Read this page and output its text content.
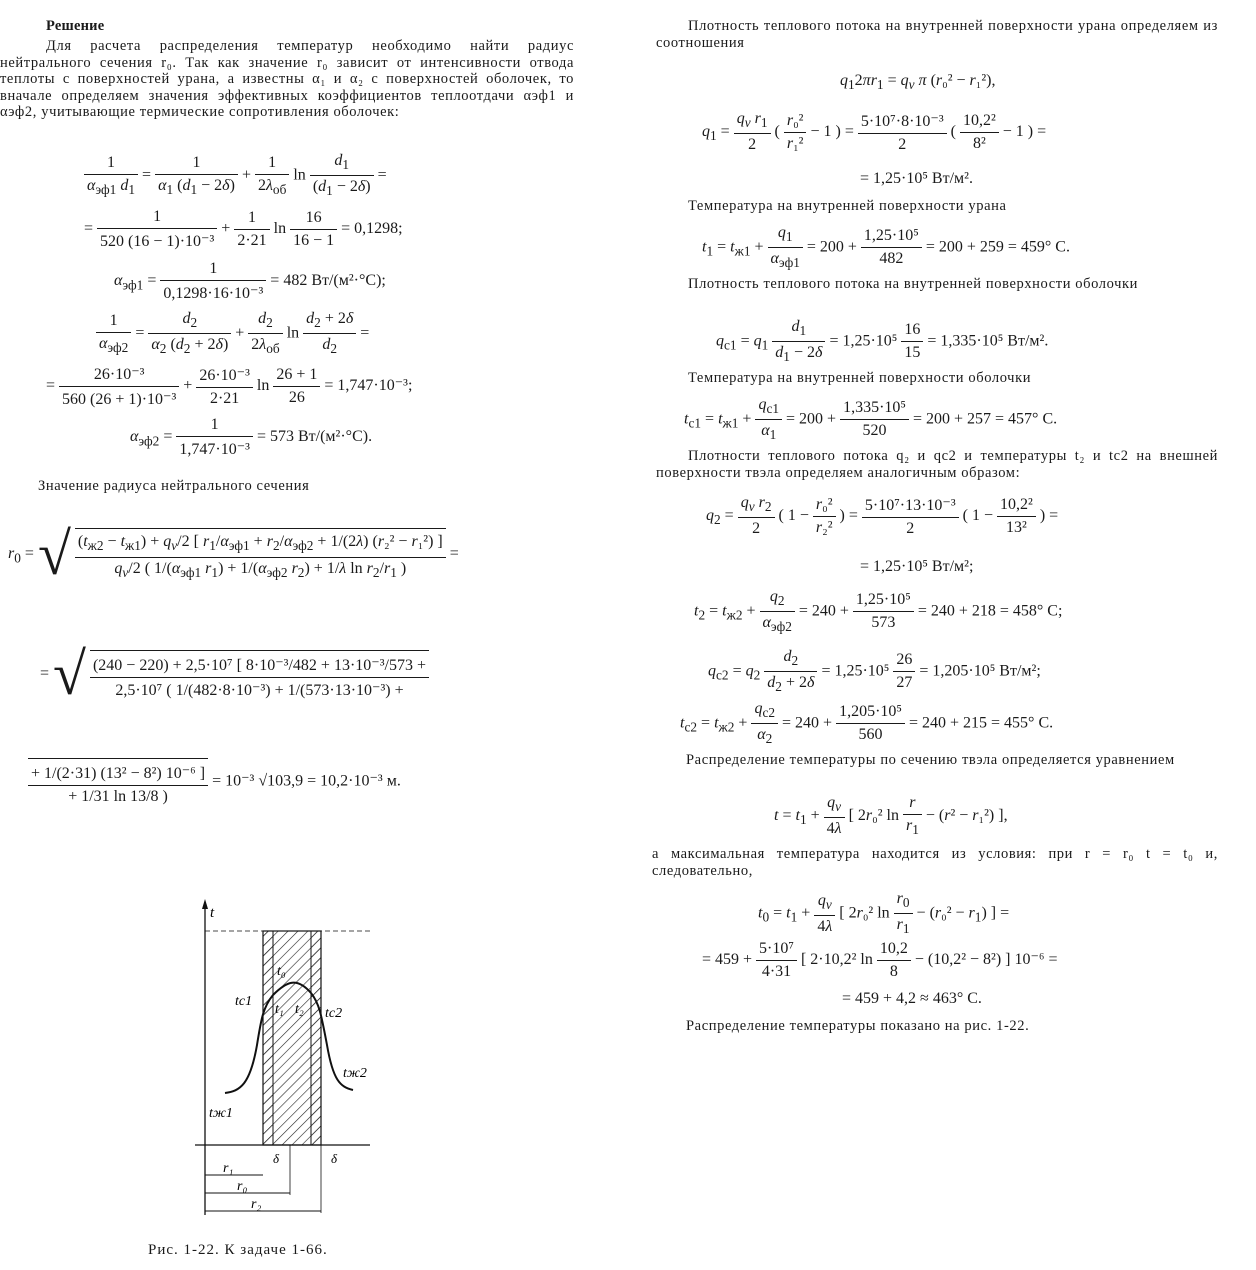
Решение
Для расчета распределения температур необходимо найти радиус нейтрального сечения r₀. Так как значение r₀ зависит от интенсивности отвода теплоты с поверхностей урана, а известны α₁ и α₂ с поверхностей оболочек, то вначале определяем значения эффективных коэффициентов теплоотдачи αэф1 и αэф2, учитывающие термические сопротивления оболочек:
$\frac{1}{\alpha_{эф1} d_1} = \frac{1}{\alpha_1 (d_1 - 2\delta)} + \frac{1}{2\lambda_{об}}$ $\ln \frac{d_1}{(d_1 - 2\delta)}$ =
= $\frac{1}{\text{520 (16 − 1)·10⁻³}} + \frac{1}{2\cdot 21}$ $\ln \frac{16}{16 - 1} = 0,1298$;
$\alpha_{эф1} = \frac{1}{\text{0,1298·16·10⁻³}} = 482$ Вт/(м²·°C);
$\frac{1}{\alpha_{эф2}} = \frac{d_2}{\alpha_2 (d_2 + 2\delta)} + \frac{d_2}{2\lambda_{об}}$ $\ln \frac{d_2 + 2\delta}{d_2}$ =
= $\frac{\text{26·10⁻³}}{\text{560 (26 + 1)·10⁻³}} + \frac{\text{26·10⁻³}}{2\cdot 21}$ $\ln \frac{26 + 1}{26} = 1,747\cdot 10^{-3}$;
$\alpha_{эф2} = \frac{1}{\text{1,747·10⁻³}} = 573$ Вт/(м²·°C).
Значение радиуса нейтрального сечения
$r_0$ = √ $(t_{ж2} - t_{ж1}) + q_v/2$ [ $r_1/\alpha_{эф1} + r_2/\alpha_{эф2} + 1/(2\lambda) (r_2^2 - r_1^2)$ ]
$q_v/2$ ( $1/(\alpha_{эф1}$ $r_1) + 1/(\alpha_{эф2}$ $r_2) + 1/\lambda$ $\ln r_2/r_1$ )
=
= √ $\frac{\text{(240 − 220) + 2,5·10⁷ [ 8·10⁻³/482 + 13·10⁻³/573 +}}{\text{2,5·10⁷ ( 1/(482·8·10⁻³) + 1/(573·13·10⁻³) +}}$
$\frac{\text{+ 1/(2·31) (13² − 8²) 10⁻⁶ ]}}{+ 1/31 \ln 13/8 )} = 10^{-3}$ √103,9 = 10,2·10⁻³ м.
t
t₀
tс1
tс2
t₁ t₂
tж1
tж2
r₁
r₀
r₂
δ	δ
Рис. 1-22. К задаче 1-66.
Плотность теплового потока на внутренней поверхности урана определяем из соотношения
$q_12\pi r_1 = q_v$ π (r₀² − r₁²),
$q_1 = \frac{q_v r_1}{2}$ ( $\frac{\text{r₀²}}{\text{r₁²}} - 1$ ) = $\frac{\text{5·10⁷·8·10⁻³}}{2}$ ( $\frac{\text{10,2²}}{\text{8²}} - 1$ ) =
= 1,25·10⁵ Вт/м².
Температура на внутренней поверхности урана
$t_1 = t_{ж1} + \frac{q_1}{\alpha_{эф1}} = 200 + \frac{\text{1,25·10⁵}}{482} = 200 + 259 = 459^\circ$ C.
Плотность теплового потока на внутренней поверхности оболочки
$q_{с1} = q_1 \frac{d_1}{d_1 - 2\delta} = 1,25\cdot 10^5 \frac{16}{15} = 1,335\cdot 10^5$ Вт/м².
Температура на внутренней поверхности оболочки
$t_{с1} = t_{ж1} + \frac{q_{с1}}{\alpha_1} = 200 + \frac{\text{1,335·10⁵}}{520} = 200 + 257 = 457^\circ$ C.
Плотности теплового потока q₂ и qс2 и температуры t₂ и tс2 на внешней поверхности твэла определяем аналогичным образом:
$q_2 = \frac{q_v r_2}{2}$ ( $1 - \frac{\text{r₀²}}{\text{r₂²}}$ ) = $\frac{\text{5·10⁷·13·10⁻³}}{2}$ ( $1 - \frac{\text{10,2²}}{\text{13²}}$ ) =
= 1,25·10⁵ Вт/м²;
$t_2 = t_{ж2} + \frac{q_2}{\alpha_{эф2}} = 240 + \frac{\text{1,25·10⁵}}{573} = 240 + 218 = 458^\circ$ C;
$q_{с2} = q_2 \frac{d_2}{d_2 + 2\delta} = 1,25\cdot 10^5 \frac{26}{27} = 1,205\cdot 10^5$ Вт/м²;
$t_{с2} = t_{ж2} + \frac{q_{с2}}{\alpha_2} = 240 + \frac{\text{1,205·10⁵}}{560} = 240 + 215 = 455^\circ$ C.
Распределение температуры по сечению твэла определяется уравнением
$t = t_1 + \frac{q_v}{4\lambda}$ [ 2r₀² $\ln \frac{r}{r_1} - (r^2 - r_1^2)$ ],
а максимальная температура находится из условия: при r = r₀ t = t₀ и, следовательно,
$t_0 = t_1 + \frac{q_v}{4\lambda}$ [ 2r₀² $\ln \frac{r_0}{r_1} - (r_0^2 - r_1)$ ] =
= $459 + \frac{\text{5·10⁷}}{4\cdot 31}$ [ 2·10,2² $\ln \frac{10,2}{8} - (10,2^2 - 8^2)$ ] 10⁻⁶ =
= 459 + 4,2 ≈ 463° C.
Распределение температуры показано на рис. 1-22.
